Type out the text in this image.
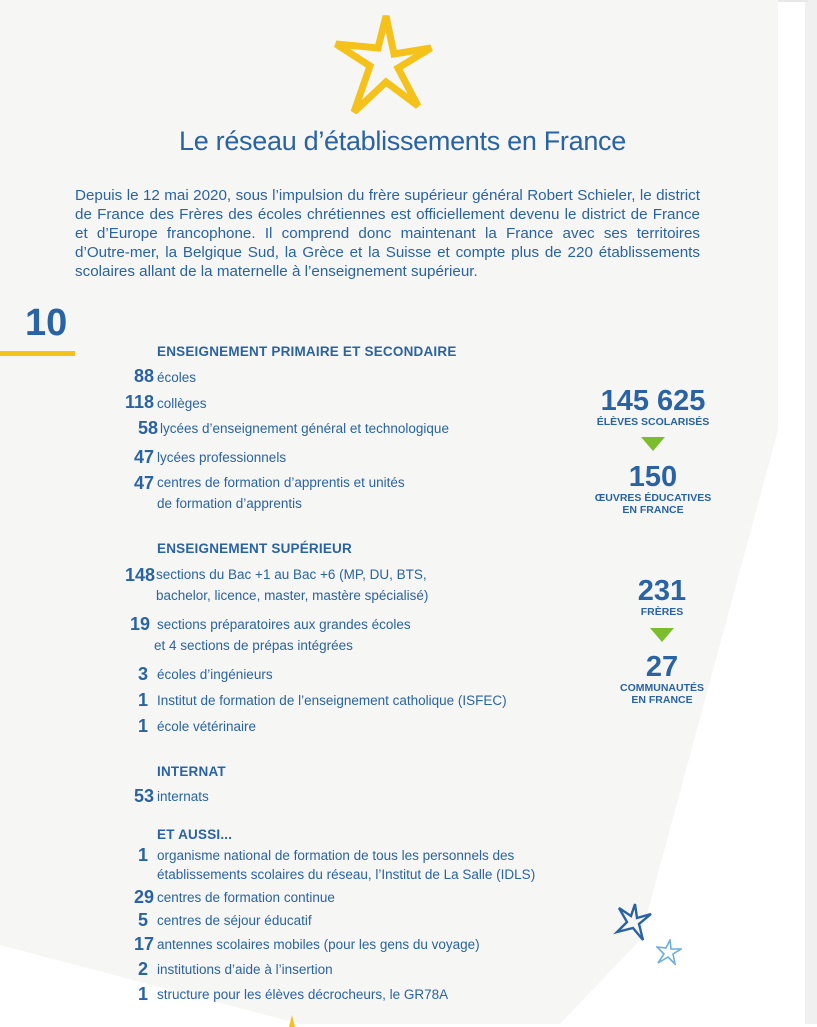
Le réseau d’établissements en France
Depuis le 12 mai 2020, sous l’impulsion du frère supérieur général Robert Schieler, le district de France des Frères des écoles chrétiennes est officiellement devenu le district de France et d’Europe francophone. Il comprend donc maintenant la France avec ses territoires d’Outre-mer, la Belgique Sud, la Grèce et la Suisse et compte plus de 220 établissements scolaires allant de la maternelle à l’enseignement supérieur.
10
ENSEIGNEMENT PRIMAIRE ET SECONDAIRE
88 écoles
118 collèges
58 lycées d’enseignement général et technologique
47 lycées professionnels
47 centres de formation d’apprentis et unités
de formation d’apprentis
ENSEIGNEMENT SUPÉRIEUR
148 sections du Bac +1 au Bac +6 (MP, DU, BTS,
bachelor, licence, master, mastère spécialisé)
19 sections préparatoires aux grandes écoles
et 4 sections de prépas intégrées
3 écoles d’ingénieurs
1 Institut de formation de l’enseignement catholique (ISFEC)
1 école vétérinaire
INTERNAT
53 internats
ET AUSSI...
1 organisme national de formation de tous les personnels des
établissements scolaires du réseau, l’Institut de La Salle (IDLS)
29 centres de formation continue
5 centres de séjour éducatif
17 antennes scolaires mobiles (pour les gens du voyage)
2 institutions d’aide à l’insertion
1 structure pour les élèves décrocheurs, le GR78A
145 625
ÉLÈVES SCOLARISÉS
150
ŒUVRES ÉDUCATIVES
EN FRANCE
231
FRÈRES
27
COMMUNAUTÉS
EN FRANCE
